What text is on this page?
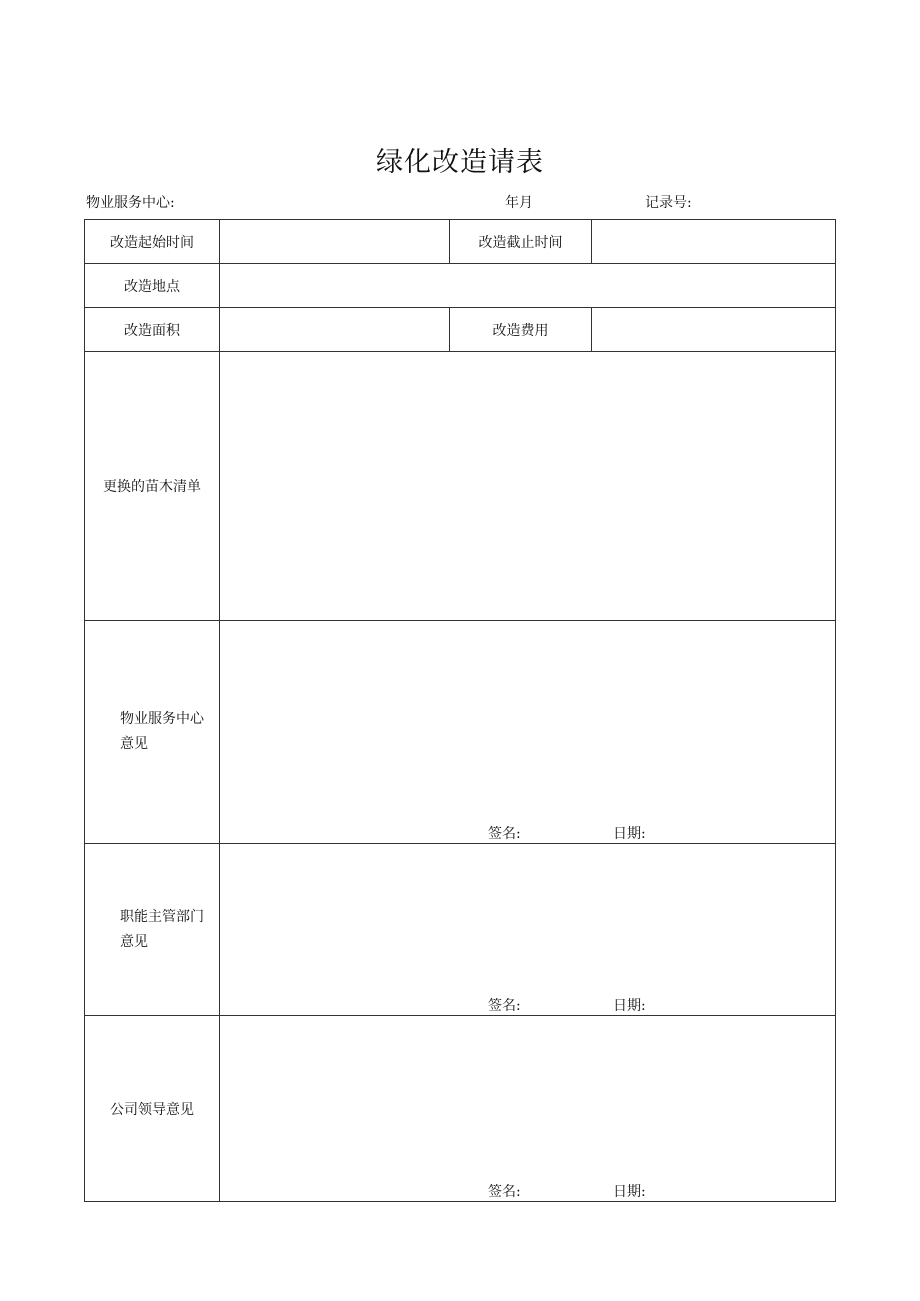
绿化改造请表
物业服务中心:	年月	记录号:
改造起始时间		改造截止时间	
改造地点			
改造面积		改造费用	
更换的苗木清单			

物业服务中心
意见	签名: 日期:		

职能主管部门
意见	签名: 日期:		

公司领导意见	签名: 日期:		
